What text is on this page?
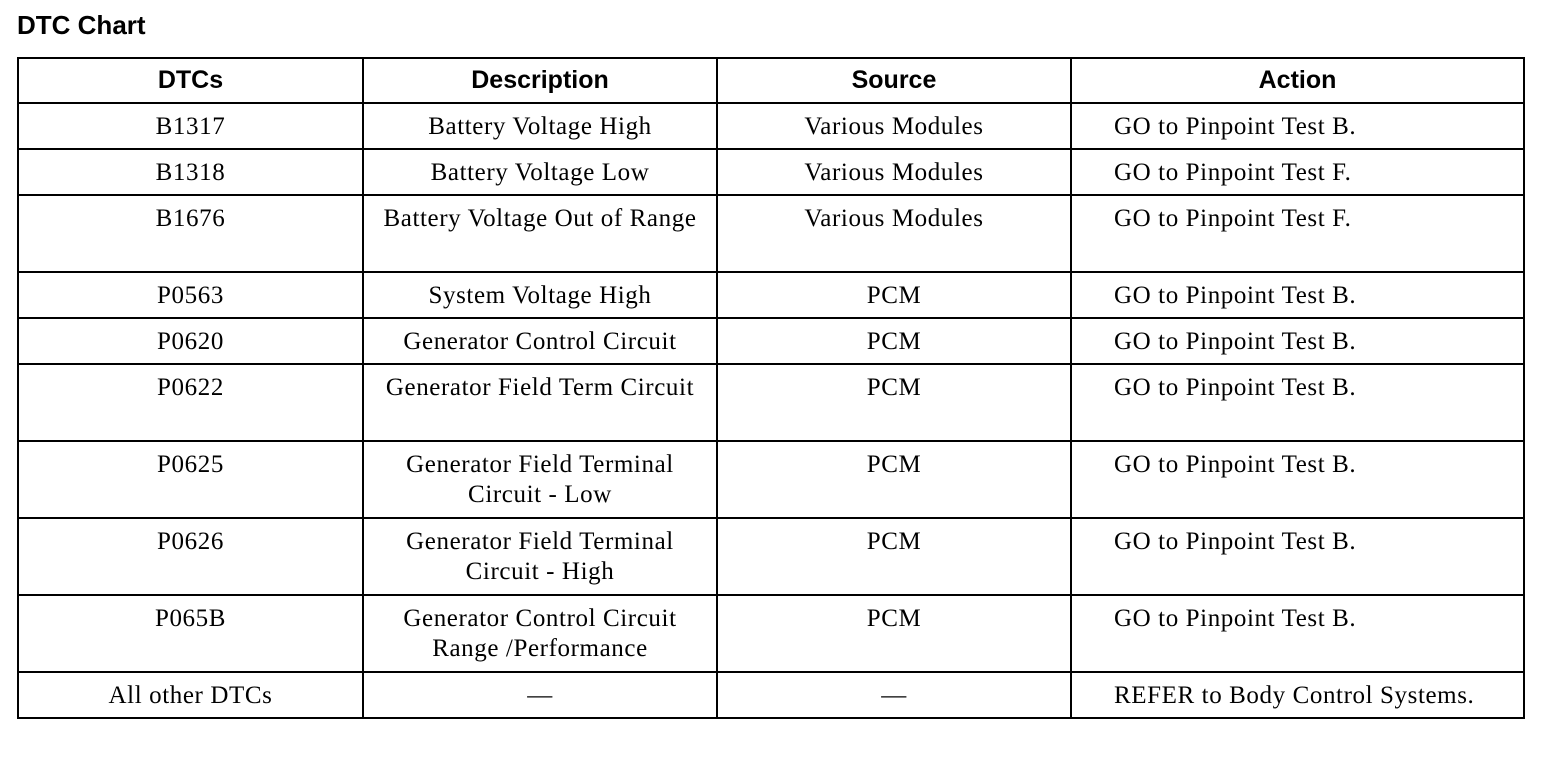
DTC Chart
DTCs	Description	Source	Action
B1317	Battery Voltage High	Various Modules	GO to Pinpoint Test B.
B1318	Battery Voltage Low	Various Modules	GO to Pinpoint Test F.
B1676	Battery Voltage Out of Range	Various Modules	GO to Pinpoint Test F.
P0563	System Voltage High	PCM	GO to Pinpoint Test B.
P0620	Generator Control Circuit	PCM	GO to Pinpoint Test B.
P0622	Generator Field Term Circuit	PCM	GO to Pinpoint Test B.
P0625	Generator Field Terminal Circuit - Low	PCM	GO to Pinpoint Test B.
P0626	Generator Field Terminal Circuit - High	PCM	GO to Pinpoint Test B.
P065B	Generator Control Circuit Range /Performance	PCM	GO to Pinpoint Test B.
All other DTCs	—	—	REFER to Body Control Systems.
